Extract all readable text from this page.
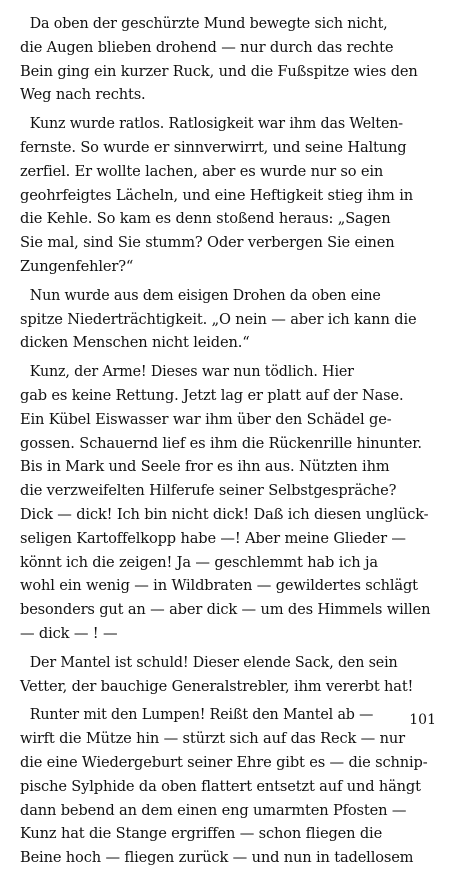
Da oben der geschürzte Mund bewegte sich nicht,
die Augen blieben drohend — nur durch das rechte
Bein ging ein kurzer Ruck, und die Fußspitze wies den
Weg nach rechts.

Kunz wurde ratlos. Ratlosigkeit war ihm das Welten-
fernste. So wurde er sinnverwirrt, und seine Haltung
zerfiel. Er wollte lachen, aber es wurde nur so ein
geohrfeigtes Lächeln, und eine Heftigkeit stieg ihm in
die Kehle. So kam es denn stoßend heraus: „Sagen
Sie mal, sind Sie stumm? Oder verbergen Sie einen
Zungenfehler?“

Nun wurde aus dem eisigen Drohen da oben eine
spitze Niederträchtigkeit. „O nein — aber ich kann die
dicken Menschen nicht leiden.“

Kunz, der Arme! Dieses war nun tödlich. Hier
gab es keine Rettung. Jetzt lag er platt auf der Nase.
Ein Kübel Eiswasser war ihm über den Schädel ge-
gossen. Schauernd lief es ihm die Rückenrille hinunter.
Bis in Mark und Seele fror es ihn aus. Nützten ihm
die verzweifelten Hilferufe seiner Selbstgespräche?
Dick — dick! Ich bin nicht dick! Daß ich diesen unglück-
seligen Kartoffelkopp habe —! Aber meine Glieder —
könnt ich die zeigen! Ja — geschlemmt hab ich ja
wohl ein wenig — in Wildbraten — gewildertes schlägt
besonders gut an — aber dick — um des Himmels willen
— dick — ! —

Der Mantel ist schuld! Dieser elende Sack, den sein
Vetter, der bauchige Generalstrebler, ihm vererbt hat!

Runter mit den Lumpen! Reißt den Mantel ab —
wirft die Mütze hin — stürzt sich auf das Reck — nur
die eine Wiedergeburt seiner Ehre gibt es — die schnip-
pische Sylphide da oben flattert entsetzt auf und hängt
dann bebend an dem einen eng umarmten Pfosten —
Kunz hat die Stange ergriffen — schon fliegen die
Beine hoch — fliegen zurück — und nun in tadellosem

101
